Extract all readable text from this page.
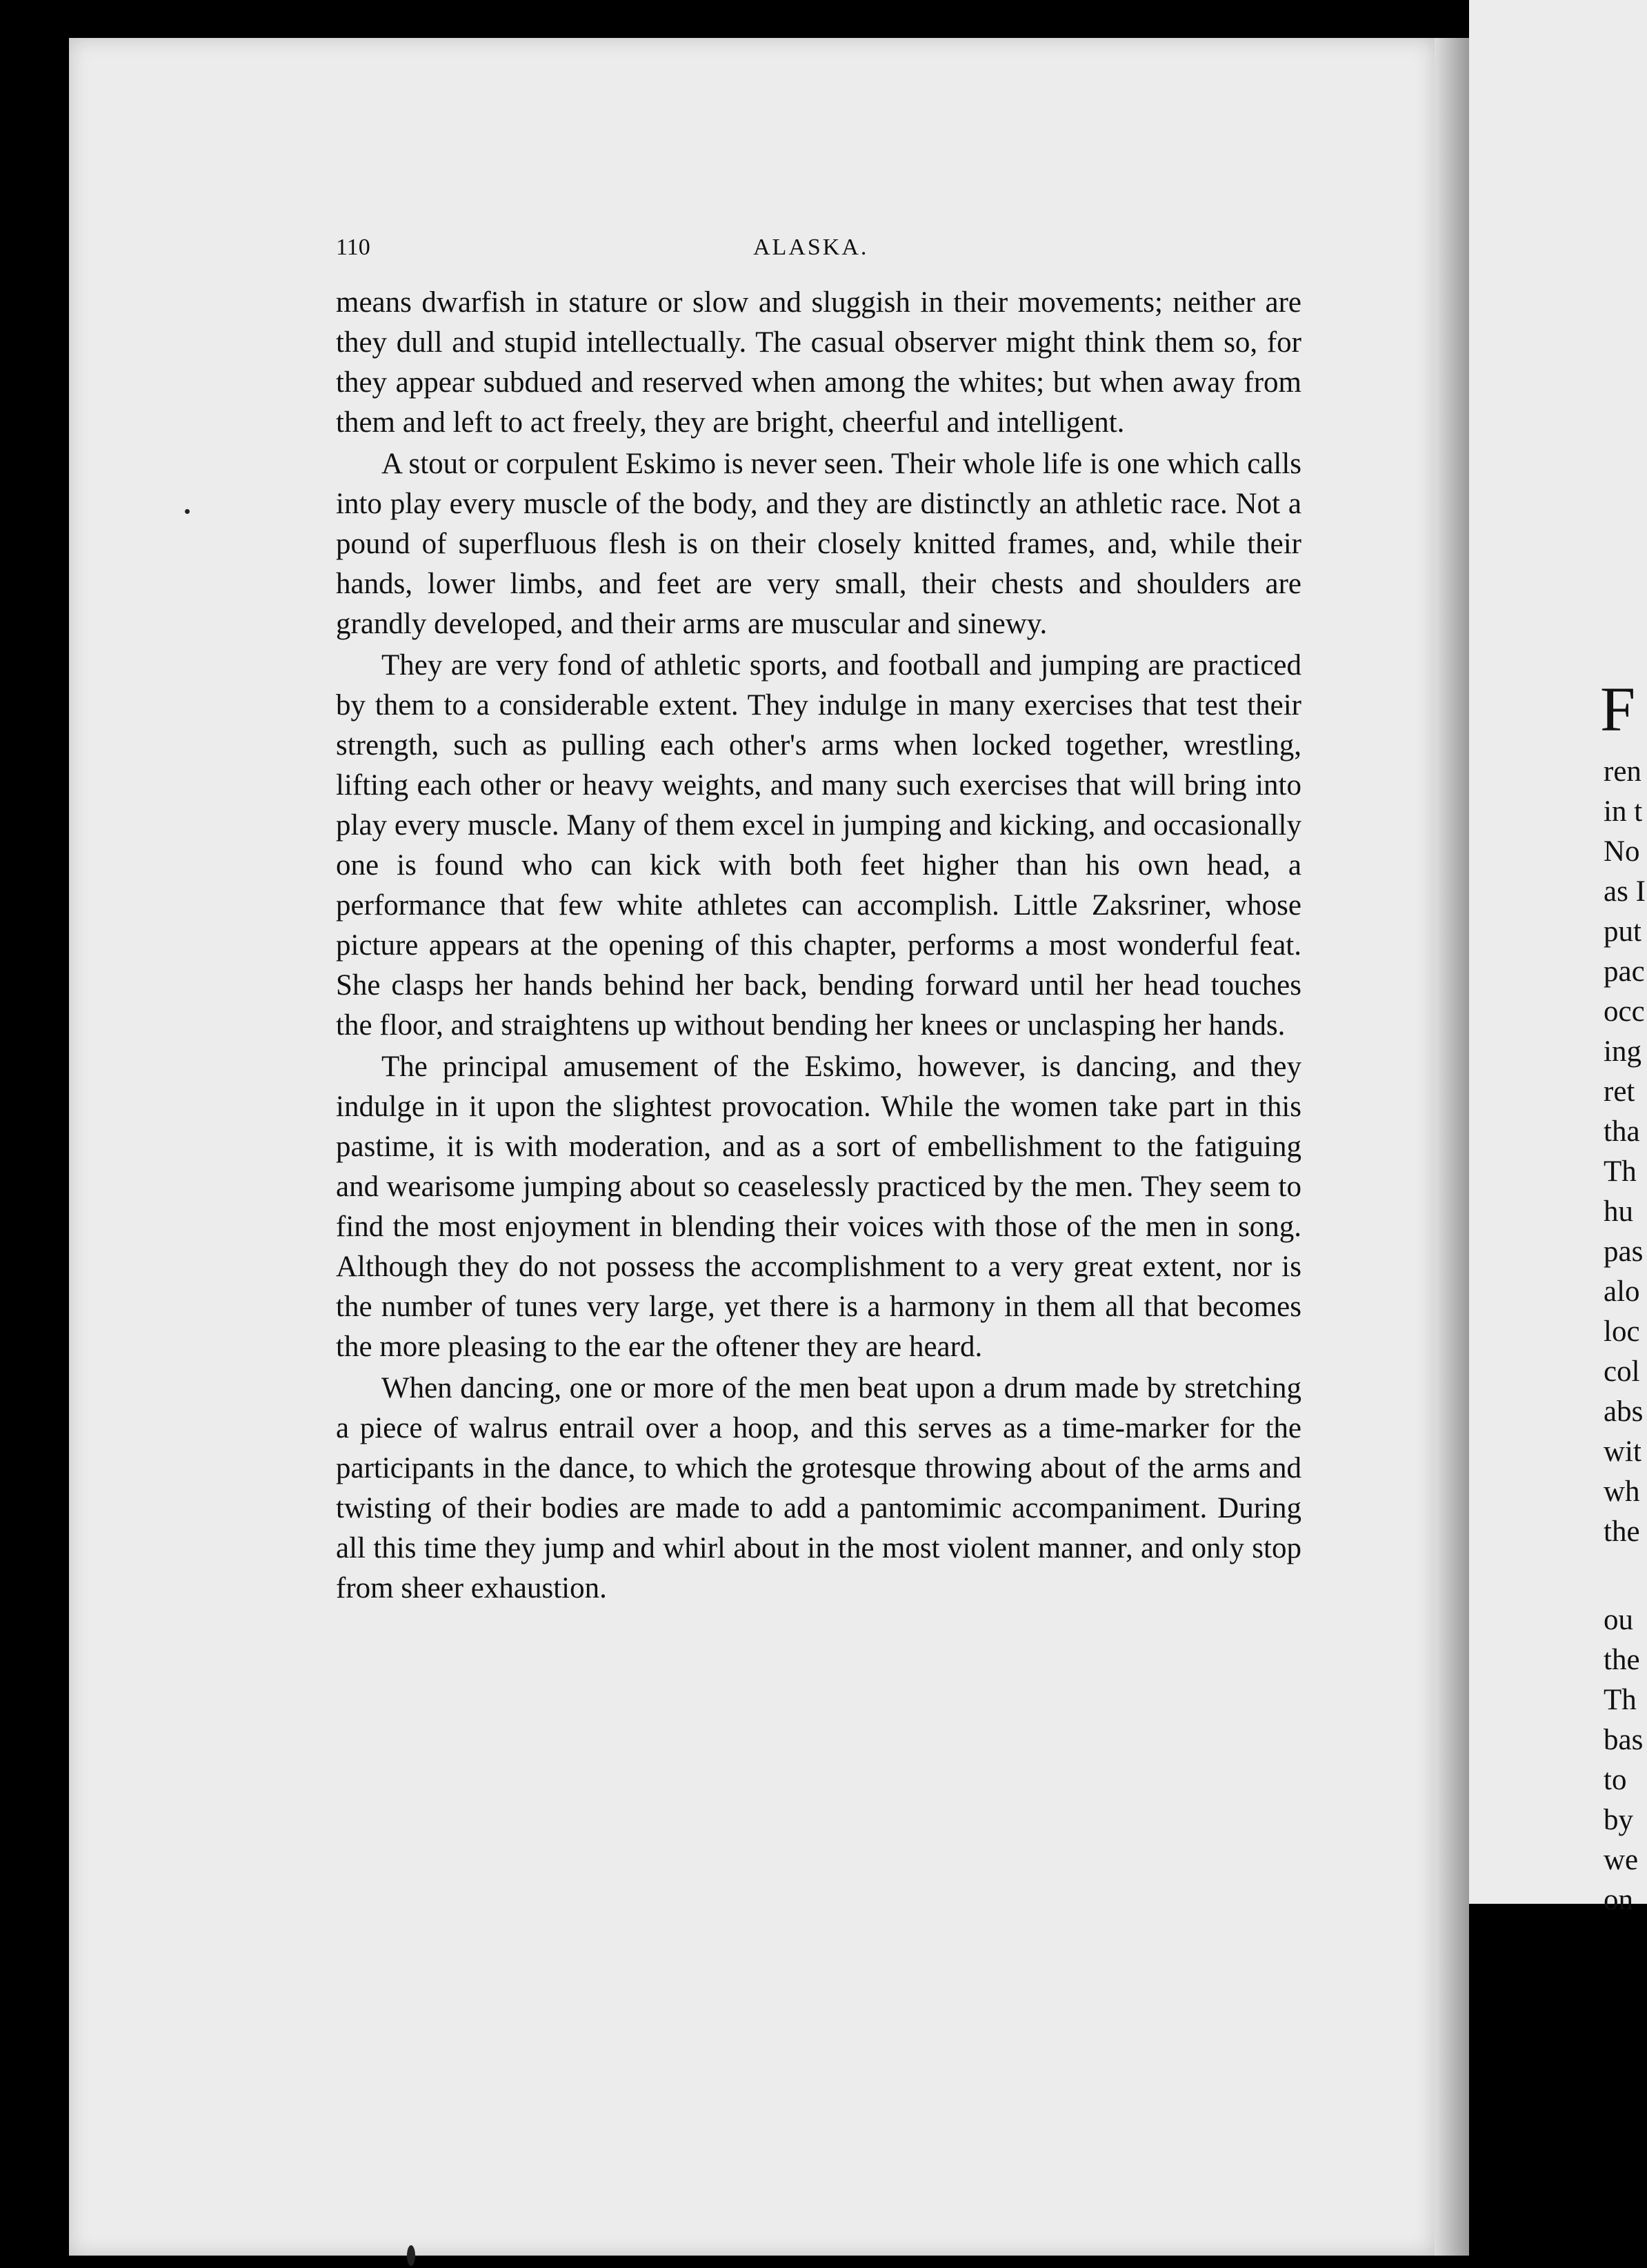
110	ALASKA.

means dwarfish in stature or slow and sluggish in their movements; neither are they dull and stupid intellectually. The casual observer might think them so, for they appear subdued and reserved when among the whites; but when away from them and left to act freely, they are bright, cheerful and intelligent.

A stout or corpulent Eskimo is never seen. Their whole life is one which calls into play every muscle of the body, and they are distinctly an athletic race. Not a pound of superfluous flesh is on their closely knitted frames, and, while their hands, lower limbs, and feet are very small, their chests and shoulders are grandly developed, and their arms are muscular and sinewy.

They are very fond of athletic sports, and football and jumping are practiced by them to a considerable extent. They indulge in many exercises that test their strength, such as pulling each other's arms when locked together, wrestling, lifting each other or heavy weights, and many such exercises that will bring into play every muscle. Many of them excel in jumping and kicking, and occasionally one is found who can kick with both feet higher than his own head, a performance that few white athletes can accomplish. Little Zaksriner, whose picture appears at the opening of this chapter, performs a most wonderful feat. She clasps her hands behind her back, bending forward until her head touches the floor, and straightens up without bending her knees or unclasping her hands.

The principal amusement of the Eskimo, however, is dancing, and they indulge in it upon the slightest provocation. While the women take part in this pastime, it is with moderation, and as a sort of embellishment to the fatiguing and wearisome jumping about so ceaselessly practiced by the men. They seem to find the most enjoyment in blending their voices with those of the men in song. Although they do not possess the accomplishment to a very great extent, nor is the number of tunes very large, yet there is a harmony in them all that becomes the more pleasing to the ear the oftener they are heard.

When dancing, one or more of the men beat upon a drum made by stretching a piece of walrus entrail over a hoop, and this serves as a time-marker for the participants in the dance, to which the grotesque throwing about of the arms and twisting of their bodies are made to add a pantomimic accompaniment. During all this time they jump and whirl about in the most violent manner, and only stop from sheer exhaustion.

F
ren
in t
No
as I
put
pac
occ
ing
ret
tha
Th
hu
pas
alo
loc
col
abs
wit
wh
the
ou
the
Th
bas
to
by
we
on
